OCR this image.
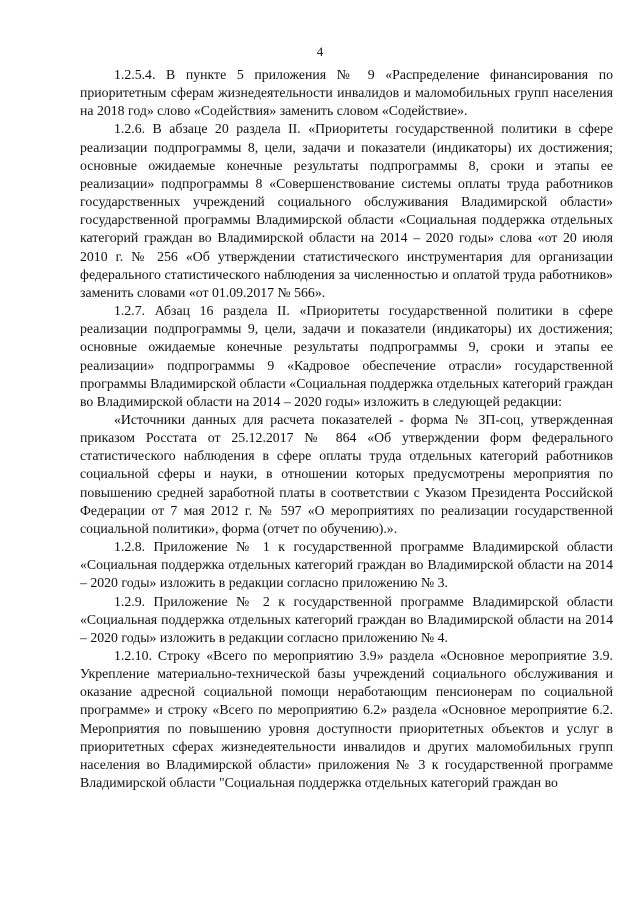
4

1.2.5.4. В пункте 5 приложения № 9 «Распределение финансирования по приоритетным сферам жизнедеятельности инвалидов и маломобильных групп населения на 2018 год» слово «Содействия» заменить словом «Содействие».

1.2.6. В абзаце 20 раздела II. «Приоритеты государственной политики в сфере реализации подпрограммы 8, цели, задачи и показатели (индикаторы) их достижения; основные ожидаемые конечные результаты подпрограммы 8, сроки и этапы ее реализации» подпрограммы 8 «Совершенствование системы оплаты труда работников государственных учреждений социального обслуживания Владимирской области» государственной программы Владимирской области «Социальная поддержка отдельных категорий граждан во Владимирской области на 2014 – 2020 годы» слова «от 20 июля 2010 г. № 256 «Об утверждении статистического инструментария для организации федерального статистического наблюдения за численностью и оплатой труда работников» заменить словами «от 01.09.2017 № 566».

1.2.7. Абзац 16 раздела II. «Приоритеты государственной политики в сфере реализации подпрограммы 9, цели, задачи и показатели (индикаторы) их достижения; основные ожидаемые конечные результаты подпрограммы 9, сроки и этапы ее реализации» подпрограммы 9 «Кадровое обеспечение отрасли» государственной программы Владимирской области «Социальная поддержка отдельных категорий граждан во Владимирской области на 2014 – 2020 годы» изложить в следующей редакции:

«Источники данных для расчета показателей - форма № ЗП-соц, утвержденная приказом Росстата от 25.12.2017 № 864 «Об утверждении форм федерального статистического наблюдения в сфере оплаты труда отдельных категорий работников социальной сферы и науки, в отношении которых предусмотрены мероприятия по повышению средней заработной платы в соответствии с Указом Президента Российской Федерации от 7 мая 2012 г. № 597 «О мероприятиях по реализации государственной социальной политики», форма (отчет по обучению).».

1.2.8. Приложение № 1 к государственной программе Владимирской области «Социальная поддержка отдельных категорий граждан во Владимирской области на 2014 – 2020 годы» изложить в редакции согласно приложению № 3.

1.2.9. Приложение № 2 к государственной программе Владимирской области «Социальная поддержка отдельных категорий граждан во Владимирской области на 2014 – 2020 годы» изложить в редакции согласно приложению № 4.

1.2.10. Строку «Всего по мероприятию 3.9» раздела «Основное мероприятие 3.9. Укрепление материально-технической базы учреждений социального обслуживания и оказание адресной социальной помощи неработающим пенсионерам по социальной программе» и строку «Всего по мероприятию 6.2» раздела «Основное мероприятие 6.2. Мероприятия по повышению уровня доступности приоритетных объектов и услуг в приоритетных сферах жизнедеятельности инвалидов и других маломобильных групп населения во Владимирской области» приложения № 3 к государственной программе Владимирской области "Социальная поддержка отдельных категорий граждан во
